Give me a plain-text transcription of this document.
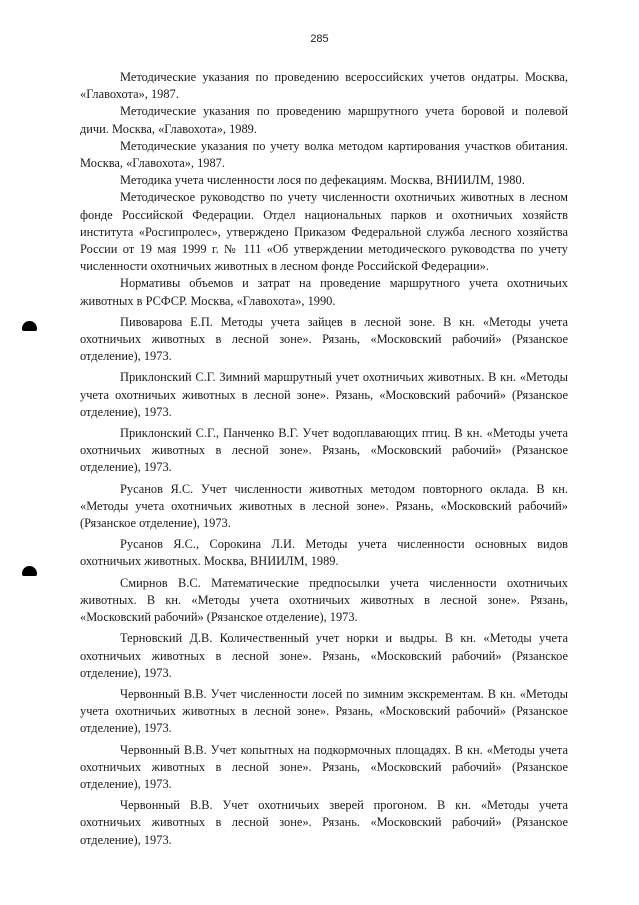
285

Методические указания по проведению всероссийских учетов ондатры. Москва, «Главохота», 1987.

Методические указания по проведению маршрутного учета боровой и полевой дичи. Москва, «Главохота», 1989.

Методические указания по учету волка методом картирования участков обитания. Москва, «Главохота», 1987.

Методика учета численности лося по дефекациям. Москва, ВНИИЛМ, 1980.

Методическое руководство по учету численности охотничьих животных в лесном фонде Российской Федерации. Отдел национальных парков и охотничьих хозяйств института «Росгипролес», утверждено Приказом Федеральной служба лесного хозяйства России от 19 мая 1999 г. № 111 «Об утверждении методического руководства по учету численности охотничьих животных в лесном фонде Российской Федерации».

Нормативы объемов и затрат на проведение маршрутного учета охотничьих животных в РСФСР. Москва, «Главохота», 1990.

Пивоварова Е.П. Методы учета зайцев в лесной зоне. В кн. «Методы учета охотничьих животных в лесной зоне». Рязань, «Московский рабочий» (Рязанское отделение), 1973.

Приклонский С.Г. Зимний маршрутный учет охотничьих животных. В кн. «Методы учета охотничьих животных в лесной зоне». Рязань, «Московский рабочий» (Рязанское отделение), 1973.

Приклонский С.Г., Панченко В.Г. Учет водоплавающих птиц. В кн. «Методы учета охотничьих животных в лесной зоне». Рязань, «Московский рабочий» (Рязанское отделение), 1973.

Русанов Я.С. Учет численности животных методом повторного оклада. В кн. «Методы учета охотничьих животных в лесной зоне». Рязань, «Московский рабочий» (Рязанское отделение), 1973.

Русанов Я.С., Сорокина Л.И. Методы учета численности основных видов охотничьих животных. Москва, ВНИИЛМ, 1989.

Смирнов В.С. Математические предпосылки учета численности охотничьих животных. В кн. «Методы учета охотничьих животных в лесной зоне». Рязань, «Московский рабочий» (Рязанское отделение), 1973.

Терновский Д.В. Количественный учет норки и выдры. В кн. «Методы учета охотничьих животных в лесной зоне». Рязань, «Московский рабочий» (Рязанское отделение), 1973.

Червонный В.В. Учет численности лосей по зимним экскрементам. В кн. «Методы учета охотничьих животных в лесной зоне». Рязань, «Московский рабочий» (Рязанское отделение), 1973.

Червонный В.В. Учет копытных на подкормочных площадях. В кн. «Методы учета охотничьих животных в лесной зоне». Рязань, «Московский рабочий» (Рязанское отделение), 1973.

Червонный В.В. Учет охотничьих зверей прогоном. В кн. «Методы учета охотничьих животных в лесной зоне». Рязань. «Московский рабочий» (Рязанское отделение), 1973.
